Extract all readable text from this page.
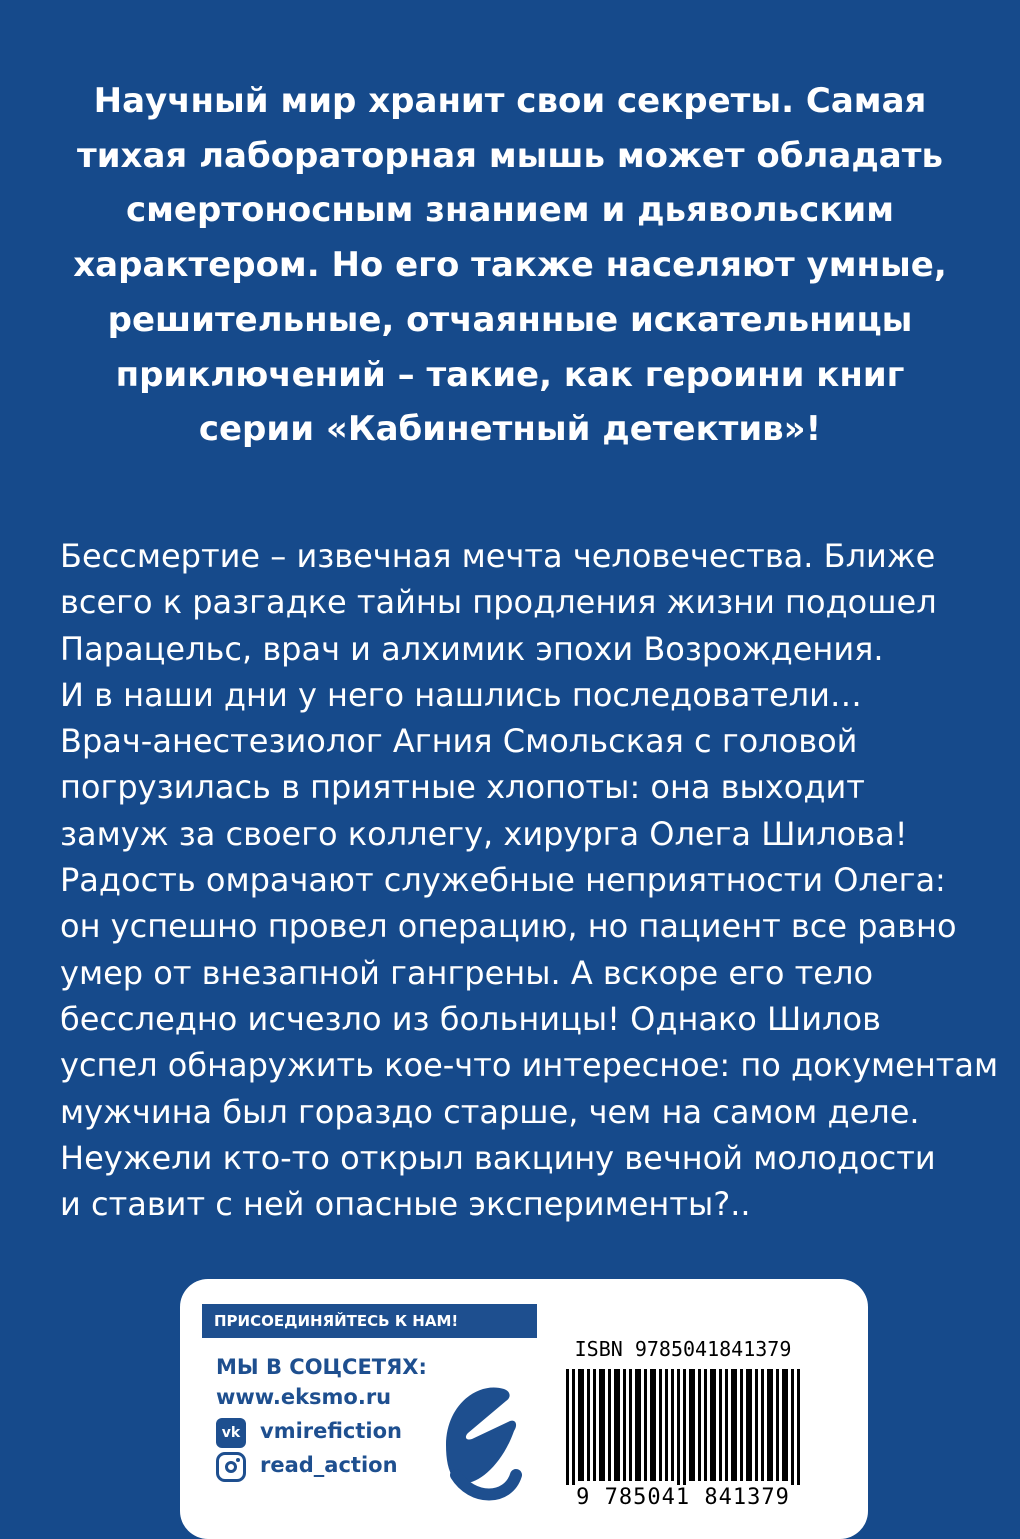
Научный мир хранит свои секреты. Самая
тихая лабораторная мышь может обладать
смертоносным знанием и дьявольским
характером. Но его также населяют умные,
решительные, отчаянные искательницы
приключений – такие, как героини книг
серии «Кабинетный детектив»!

Бессмертие – извечная мечта человечества. Ближе
всего к разгадке тайны продления жизни подошел
Парацельс, врач и алхимик эпохи Возрождения.
И в наши дни у него нашлись последователи…
Врач-анестезиолог Агния Смольская с головой
погрузилась в приятные хлопоты: она выходит
замуж за своего коллегу, хирурга Олега Шилова!
Радость омрачают служебные неприятности Олега:
он успешно провел операцию, но пациент все равно
умер от внезапной гангрены. А вскоре его тело
бесследно исчезло из больницы! Однако Шилов
успел обнаружить кое-что интересное: по документам
мужчина был гораздо старше, чем на самом деле.
Неужели кто-то открыл вакцину вечной молодости
и ставит с ней опасные эксперименты?..

ПРИСОЕДИНЯЙТЕСЬ К НАМ!
МЫ В СОЦСЕТЯХ:
www.eksmo.ru
vk vmirefiction
read_action
ISBN 9785041841379
9 785041 841379
